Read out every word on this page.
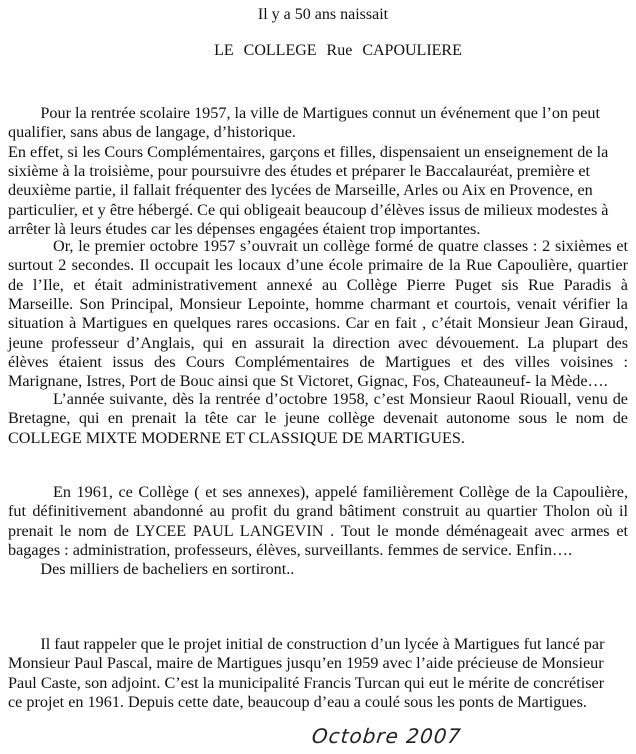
Il y a 50 ans naissait
LE COLLEGE Rue CAPOULIERE
Pour la rentrée scolaire 1957, la ville de Martigues connut un événement que l’on peut
qualifier, sans abus de langage, d’historique.
En effet, si les Cours Complémentaires, garçons et filles, dispensaient un enseignement de la
sixième à la troisième, pour poursuivre des études et préparer le Baccalauréat, première et
deuxième partie, il fallait fréquenter des lycées de Marseille, Arles ou Aix en Provence, en
particulier, et y être hébergé. Ce qui obligeait beaucoup d’élèves issus de milieux modestes à
arrêter là leurs études car les dépenses engagées étaient trop importantes.
Or, le premier octobre 1957 s’ouvrait un collège formé de quatre classes : 2 sixièmes et
surtout 2 secondes. Il occupait les locaux d’une école primaire de la Rue Capoulière, quartier
de l’Ile, et était administrativement annexé au Collège Pierre Puget sis Rue Paradis à
Marseille. Son Principal, Monsieur Lepointe, homme charmant et courtois, venait vérifier la
situation à Martigues en quelques rares occasions. Car en fait , c’était Monsieur Jean Giraud,
jeune professeur d’Anglais, qui en assurait la direction avec dévouement. La plupart des
élèves étaient issus des Cours Complémentaires de Martigues et des villes voisines :
Marignane, Istres, Port de Bouc ainsi que St Victoret, Gignac, Fos, Chateauneuf- la Mède….
L’année suivante, dès la rentrée d’octobre 1958, c’est Monsieur Raoul Riouall, venu de
Bretagne, qui en prenait la tête car le jeune collège devenait autonome sous le nom de
COLLEGE MIXTE MODERNE ET CLASSIQUE DE MARTIGUES.
En 1961, ce Collège ( et ses annexes), appelé familièrement Collège de la Capoulière,
fut définitivement abandonné au profit du grand bâtiment construit au quartier Tholon où il
prenait le nom de LYCEE PAUL LANGEVIN . Tout le monde déménageait avec armes et
bagages : administration, professeurs, élèves, surveillants. femmes de service. Enfin….
Des milliers de bacheliers en sortiront..
Il faut rappeler que le projet initial de construction d’un lycée à Martigues fut lancé par
Monsieur Paul Pascal, maire de Martigues jusqu’en 1959 avec l’aide précieuse de Monsieur
Paul Caste, son adjoint. C’est la municipalité Francis Turcan qui eut le mérite de concrétiser
ce projet en 1961. Depuis cette date, beaucoup d’eau a coulé sous les ponts de Martigues.
Octobre 2007
